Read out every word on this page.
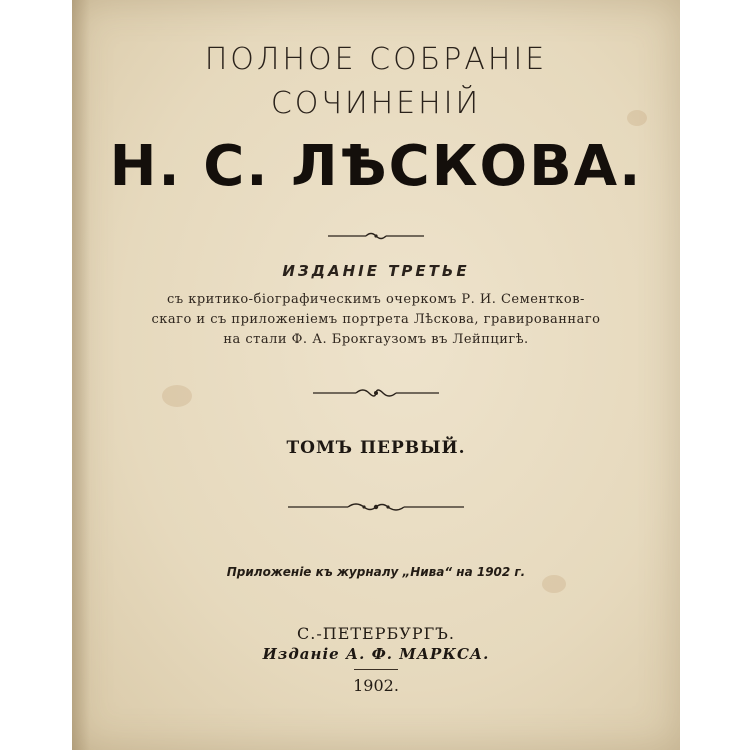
ПОЛНОЕ СОБРАНІЕ
СОЧИНЕНІЙ
Н. С. ЛѢСКОВА.
ИЗДАНІЕ ТРЕТЬЕ
съ критико-біографическимъ очеркомъ Р. И. Сементков-
скаго и съ приложеніемъ портрета Лѣскова, гравированнаго
на стали Ф. А. Брокгаузомъ въ Лейпцигѣ.
ТОМЪ ПЕРВЫЙ.
Приложеніе къ журналу „Нива“ на 1902 г.
С.-ПЕТЕРБУРГЪ.
Изданіе А. Ф. МАРКСА.
1902.
